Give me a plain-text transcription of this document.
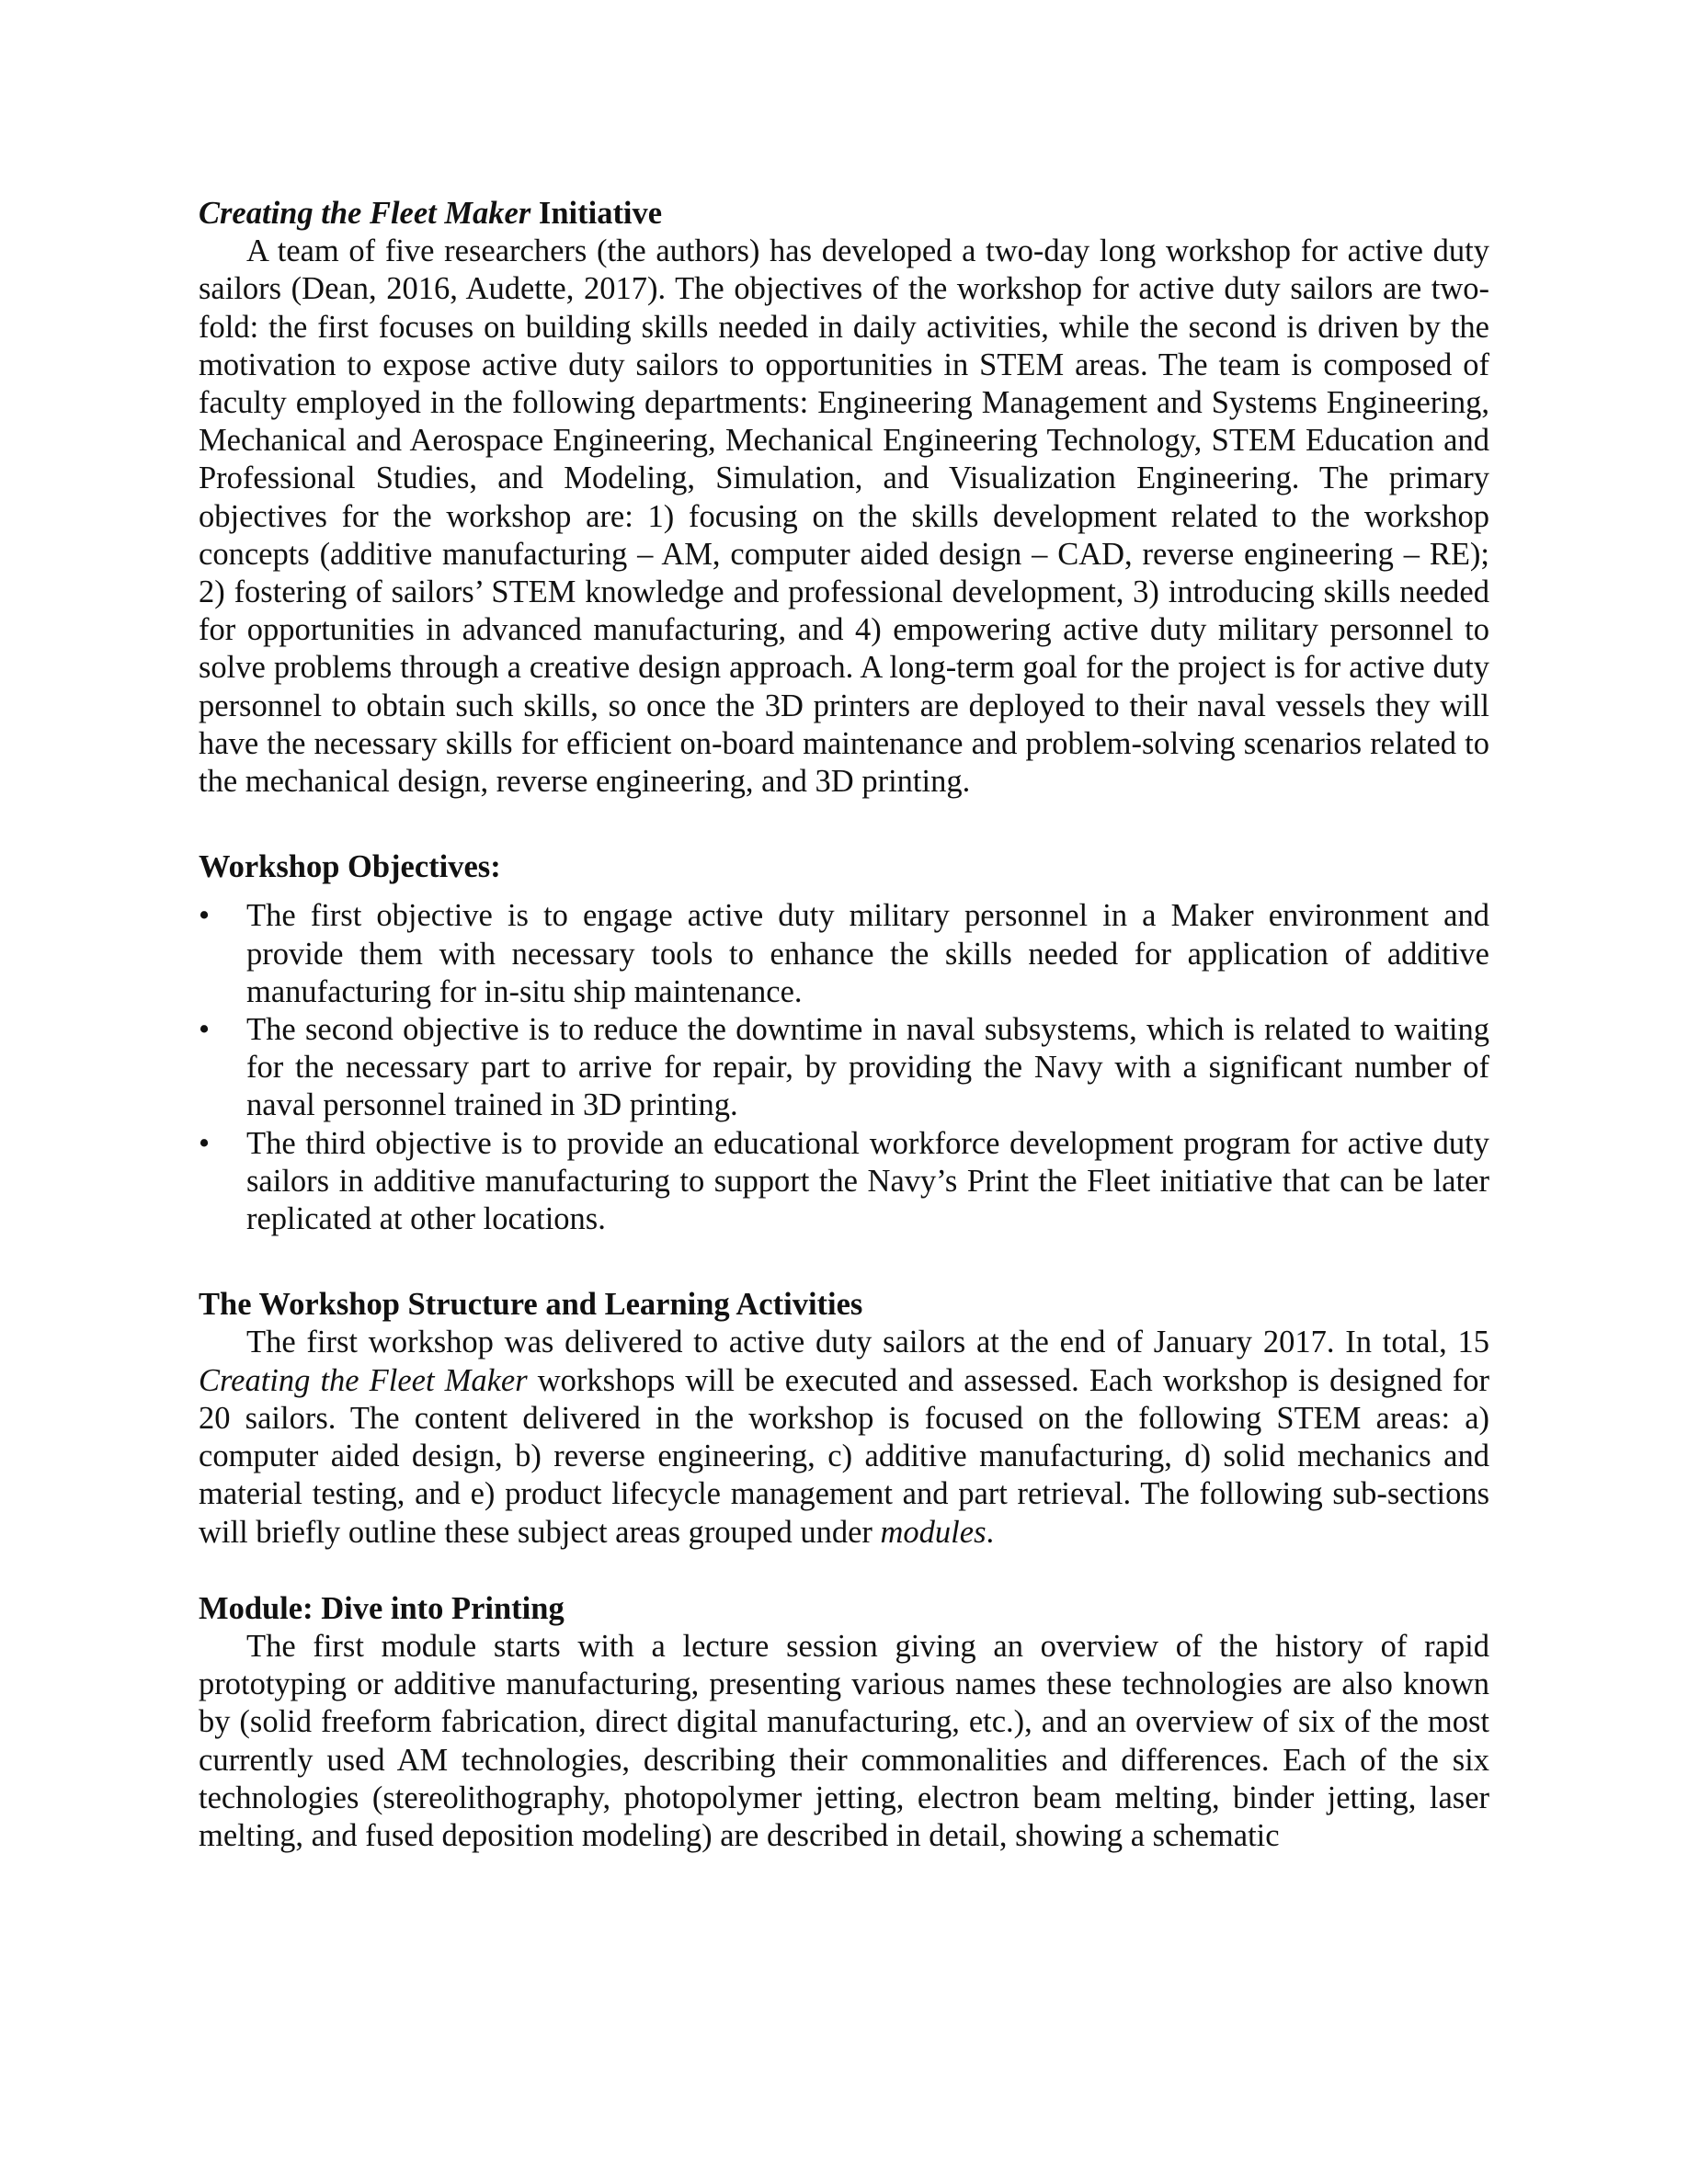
Creating the Fleet Maker Initiative

A team of five researchers (the authors) has developed a two-day long workshop for active duty sailors (Dean, 2016, Audette, 2017). The objectives of the workshop for active duty sailors are two-fold: the first focuses on building skills needed in daily activities, while the second is driven by the motivation to expose active duty sailors to opportunities in STEM areas. The team is composed of faculty employed in the following departments: Engineering Management and Systems Engineering, Mechanical and Aerospace Engineering, Mechanical Engineering Technology, STEM Education and Professional Studies, and Modeling, Simulation, and Visualization Engineering. The primary objectives for the workshop are: 1) focusing on the skills development related to the workshop concepts (additive manufacturing – AM, computer aided design – CAD, reverse engineering – RE); 2) fostering of sailors’ STEM knowledge and professional development, 3) introducing skills needed for opportunities in advanced manufacturing, and 4) empowering active duty military personnel to solve problems through a creative design approach. A long-term goal for the project is for active duty personnel to obtain such skills, so once the 3D printers are deployed to their naval vessels they will have the necessary skills for efficient on-board maintenance and problem-solving scenarios related to the mechanical design, reverse engineering, and 3D printing.

Workshop Objectives:
• The first objective is to engage active duty military personnel in a Maker environment and provide them with necessary tools to enhance the skills needed for application of additive manufacturing for in-situ ship maintenance.
• The second objective is to reduce the downtime in naval subsystems, which is related to waiting for the necessary part to arrive for repair, by providing the Navy with a significant number of naval personnel trained in 3D printing.
• The third objective is to provide an educational workforce development program for active duty sailors in additive manufacturing to support the Navy’s Print the Fleet initiative that can be later replicated at other locations.
The Workshop Structure and Learning Activities

The first workshop was delivered to active duty sailors at the end of January 2017. In total, 15 Creating the Fleet Maker workshops will be executed and assessed. Each workshop is designed for 20 sailors. The content delivered in the workshop is focused on the following STEM areas: a) computer aided design, b) reverse engineering, c) additive manufacturing, d) solid mechanics and material testing, and e) product lifecycle management and part retrieval. The following sub-sections will briefly outline these subject areas grouped under modules.

Module: Dive into Printing

The first module starts with a lecture session giving an overview of the history of rapid prototyping or additive manufacturing, presenting various names these technologies are also known by (solid freeform fabrication, direct digital manufacturing, etc.), and an overview of six of the most currently used AM technologies, describing their commonalities and differences. Each of the six technologies (stereolithography, photopolymer jetting, electron beam melting, binder jetting, laser melting, and fused deposition modeling) are described in detail, showing a schematic
